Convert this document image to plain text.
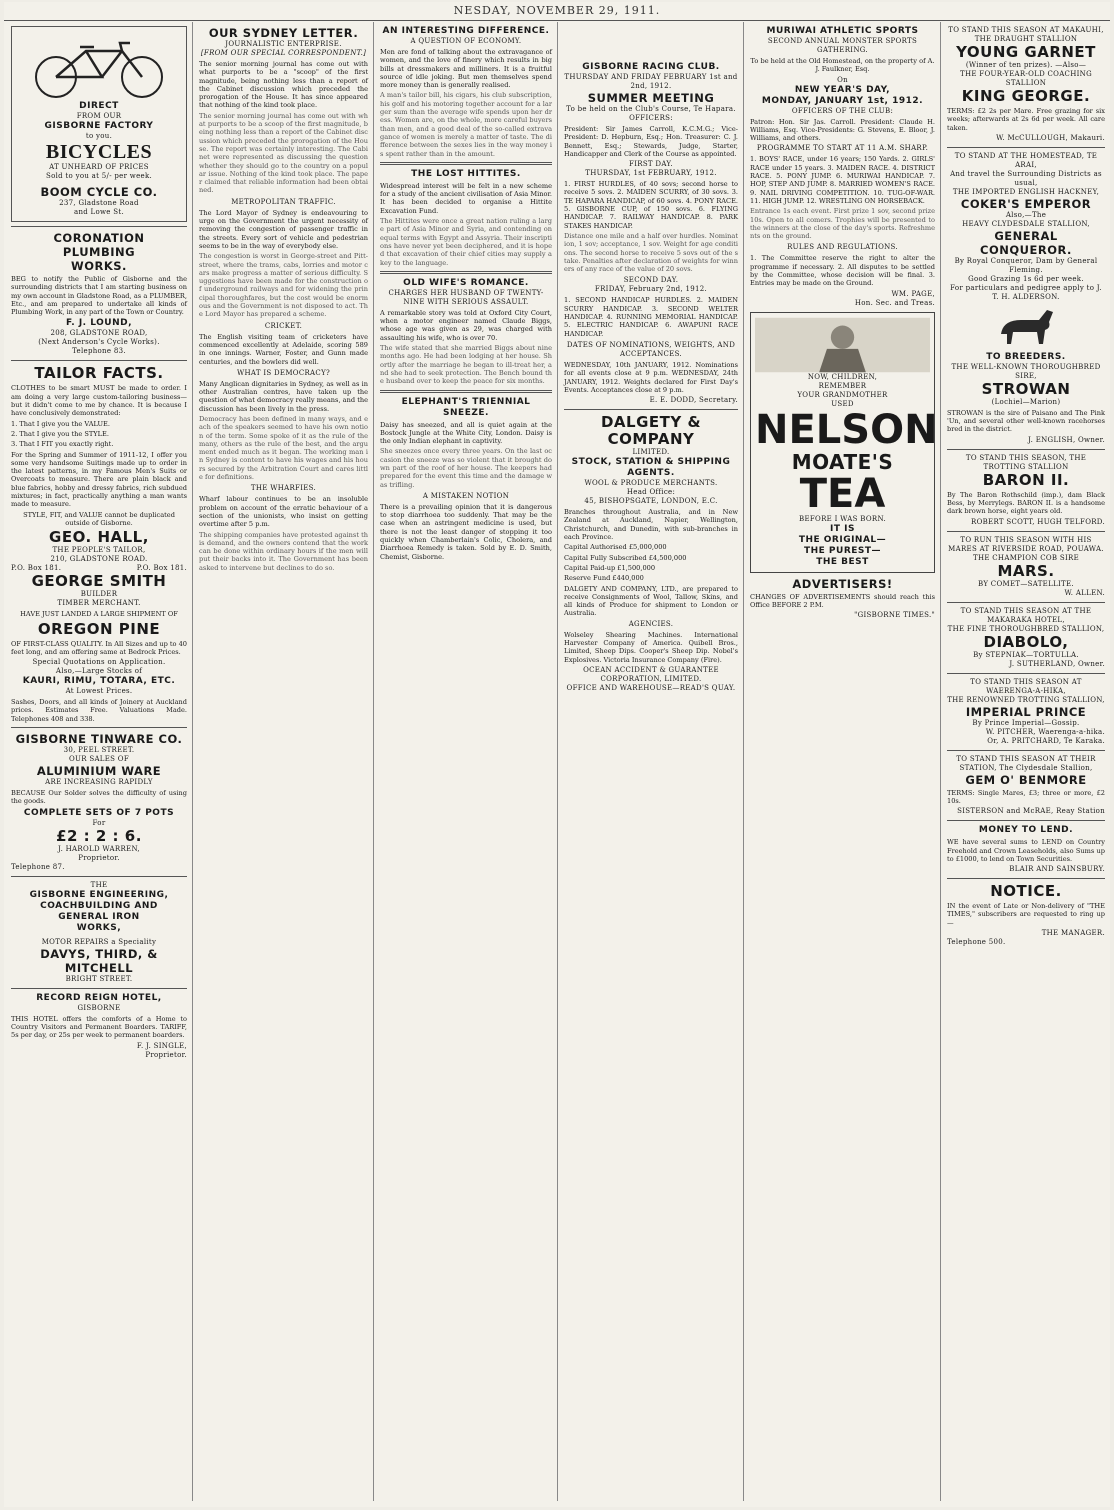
NESDAY, NOVEMBER 29, 1911.
DIRECT
FROM OUR
GISBORNE FACTORY
to you.
BICYCLES
AT UNHEARD OF PRICES
Sold to you at 5/- per week.
BOOM CYCLE CO.
237, Gladstone Road
and Lowe St.
CORONATION
PLUMBING
WORKS.
BEG to notify the Public of Gisborne and the surrounding districts that I am starting business on my own account in Gladstone Road, as a PLUMBER, Etc., and am prepared to undertake all kinds of Plumbing Work, in any part of the Town or Country.
F. J. LOUND,
208, GLADSTONE ROAD,
(Next Anderson's Cycle Works).
Telephone 83.
TAILOR FACTS.
CLOTHES to be smart MUST be made to order. I am doing a very large custom-tailoring business—but it didn't come to me by chance. It is because I have conclusively demonstrated:
1. That I give you the VALUE.
2. That I give you the STYLE.
3. That I FIT you exactly right.
For the Spring and Summer of 1911-12, I offer you some very handsome Suitings made up to order in the latest patterns, in my Famous Men's Suits or Overcoats to measure. There are plain black and blue fabrics, hobby and dressy fabrics, rich subdued mixtures; in fact, practically anything a man wants made to measure.
STYLE, FIT, and VALUE cannot be duplicated outside of Gisborne.
GEO. HALL,
THE PEOPLE'S TAILOR,
210, GLADSTONE ROAD.
P.O. Box 181.	P.O. Box 181.
GEORGE SMITH
BUILDER
TIMBER MERCHANT.
HAVE JUST LANDED A LARGE SHIPMENT OF
OREGON PINE
OF FIRST-CLASS QUALITY. In All Sizes and up to 40 feet long, and am offering same at Bedrock Prices.
Special Quotations on Application.
Also,—Large Stocks of
KAURI, RIMU, TOTARA, ETC.
At Lowest Prices.
Sashes, Doors, and all kinds of Joinery at Auckland prices. Estimates Free. Valuations Made. Telephones 408 and 338.
GISBORNE TINWARE CO.
30, PEEL STREET.
OUR SALES OF
ALUMINIUM WARE
ARE INCREASING RAPIDLY
BECAUSE Our Solder solves the difficulty of using the goods.
COMPLETE SETS OF 7 POTS
For
£2 : 2 : 6.
J. HAROLD WARREN,
Proprietor.
Telephone 87.
THE
GISBORNE ENGINEERING,
COACHBUILDING AND
GENERAL IRON
WORKS,
MOTOR REPAIRS a Speciality
DAVYS, THIRD, & MITCHELL
BRIGHT STREET.
RECORD REIGN HOTEL,
GISBORNE
THIS HOTEL offers the comforts of a Home to Country Visitors and Permanent Boarders. TARIFF, 5s per day, or 25s per week to permanent boarders.
F. J. SINGLE,
Proprietor.
OUR SYDNEY LETTER.
JOURNALISTIC ENTERPRISE.
[FROM OUR SPECIAL CORRESPONDENT.]
The senior morning journal has come out with what purports to be a "scoop" of the first magnitude, being nothing less than a report of the Cabinet discussion which preceded the prorogation of the House. It has since appeared that nothing of the kind took place.
The senior morning journal has come out with what purports to be a scoop of the first magnitude, being nothing less than a report of the Cabinet discussion which preceded the prorogation of the House. The report was certainly interesting. The Cabinet were represented as discussing the question whether they should go to the country on a popular issue. Nothing of the kind took place. The paper claimed that reliable information had been obtained.
METROPOLITAN TRAFFIC.
The Lord Mayor of Sydney is endeavouring to urge on the Government the urgent necessity of removing the congestion of passenger traffic in the streets. Every sort of vehicle and pedestrian seems to be in the way of everybody else.
The congestion is worst in George-street and Pitt-street, where the trams, cabs, lorries and motor cars make progress a matter of serious difficulty. Suggestions have been made for the construction of underground railways and for widening the principal thoroughfares, but the cost would be enormous and the Government is not disposed to act. The Lord Mayor has prepared a scheme.
CRICKET.
The English visiting team of cricketers have commenced excellently at Adelaide, scoring 589 in one innings. Warner, Foster, and Gunn made centuries, and the bowlers did well.
WHAT IS DEMOCRACY?
Many Anglican dignitaries in Sydney, as well as in other Australian centres, have taken up the question of what democracy really means, and the discussion has been lively in the press.
Democracy has been defined in many ways, and each of the speakers seemed to have his own notion of the term. Some spoke of it as the rule of the many, others as the rule of the best, and the argument ended much as it began. The working man in Sydney is content to have his wages and his hours secured by the Arbitration Court and cares little for definitions.
THE WHARFIES.
Wharf labour continues to be an insoluble problem on account of the erratic behaviour of a section of the unionists, who insist on getting overtime after 5 p.m.
The shipping companies have protested against this demand, and the owners contend that the work can be done within ordinary hours if the men will put their backs into it. The Government has been asked to intervene but declines to do so.
AN INTERESTING DIFFERENCE.
A QUESTION OF ECONOMY.
Men are fond of talking about the extravagance of women, and the love of finery which results in big bills at dressmakers and milliners. It is a fruitful source of idle joking. But men themselves spend more money than is generally realised.
A man's tailor bill, his cigars, his club subscription, his golf and his motoring together account for a larger sum than the average wife spends upon her dress. Women are, on the whole, more careful buyers than men, and a good deal of the so-called extravagance of women is merely a matter of taste. The difference between the sexes lies in the way money is spent rather than in the amount.
THE LOST HITTITES.
Widespread interest will be felt in a new scheme for a study of the ancient civilisation of Asia Minor. It has been decided to organise a Hittite Excavation Fund.
The Hittites were once a great nation ruling a large part of Asia Minor and Syria, and contending on equal terms with Egypt and Assyria. Their inscriptions have never yet been deciphered, and it is hoped that excavation of their chief cities may supply a key to the language.
OLD WIFE'S ROMANCE.
CHARGES HER HUSBAND OF TWENTY-NINE WITH SERIOUS ASSAULT.
A remarkable story was told at Oxford City Court, when a motor engineer named Claude Biggs, whose age was given as 29, was charged with assaulting his wife, who is over 70.
The wife stated that she married Biggs about nine months ago. He had been lodging at her house. Shortly after the marriage he began to ill-treat her, and she had to seek protection. The Bench bound the husband over to keep the peace for six months.
ELEPHANT'S TRIENNIAL SNEEZE.
Daisy has sneezed, and all is quiet again at the Bostock Jungle at the White City, London. Daisy is the only Indian elephant in captivity.
She sneezes once every three years. On the last occasion the sneeze was so violent that it brought down part of the roof of her house. The keepers had prepared for the event this time and the damage was trifling.
A MISTAKEN NOTION
There is a prevailing opinion that it is dangerous to stop diarrhoea too suddenly. That may be the case when an astringent medicine is used, but there is not the least danger of stopping it too quickly when Chamberlain's Colic, Cholera, and Diarrhoea Remedy is taken. Sold by E. D. Smith, Chemist, Gisborne.
GISBORNE RACING CLUB.
THURSDAY AND FRIDAY FEBRUARY 1st and 2nd, 1912.
SUMMER MEETING
To be held on the Club's Course, Te Hapara.
OFFICERS:
President: Sir James Carroll, K.C.M.G.; Vice-President: D. Hepburn, Esq.; Hon. Treasurer: C. J. Bennett, Esq.; Stewards, Judge, Starter, Handicapper and Clerk of the Course as appointed.
FIRST DAY.
THURSDAY, 1st FEBRUARY, 1912.
1. FIRST HURDLES, of 40 sovs; second horse to receive 5 sovs. 2. MAIDEN SCURRY, of 30 sovs. 3. TE HAPARA HANDICAP, of 60 sovs. 4. PONY RACE. 5. GISBORNE CUP, of 150 sovs. 6. FLYING HANDICAP. 7. RAILWAY HANDICAP. 8. PARK STAKES HANDICAP.
Distance one mile and a half over hurdles. Nomination, 1 sov; acceptance, 1 sov. Weight for age conditions. The second horse to receive 5 sovs out of the stake. Penalties after declaration of weights for winners of any race of the value of 20 sovs.
SECOND DAY.
FRIDAY, February 2nd, 1912.
1. SECOND HANDICAP HURDLES. 2. MAIDEN SCURRY HANDICAP. 3. SECOND WELTER HANDICAP. 4. RUNNING MEMORIAL HANDICAP. 5. ELECTRIC HANDICAP. 6. AWAPUNI RACE HANDICAP.
DATES OF NOMINATIONS, WEIGHTS, AND ACCEPTANCES.
WEDNESDAY, 10th JANUARY, 1912. Nominations for all events close at 9 p.m. WEDNESDAY, 24th JANUARY, 1912. Weights declared for First Day's Events. Acceptances close at 9 p.m.
E. E. DODD, Secretary.
DALGETY & COMPANY
LIMITED.
STOCK, STATION & SHIPPING AGENTS.
WOOL & PRODUCE MERCHANTS.
Head Office:
45, BISHOPSGATE, LONDON, E.C.
Branches throughout Australia, and in New Zealand at Auckland, Napier, Wellington, Christchurch, and Dunedin, with sub-branches in each Province.
Capital Authorised £5,000,000
Capital Fully Subscribed £4,500,000
Capital Paid-up £1,500,000
Reserve Fund £440,000
DALGETY AND COMPANY, LTD., are prepared to receive Consignments of Wool, Tallow, Skins, and all kinds of Produce for shipment to London or Australia.
AGENCIES.
Wolseley Shearing Machines. International Harvester Company of America. Quibell Bros., Limited, Sheep Dips. Cooper's Sheep Dip. Nobel's Explosives. Victoria Insurance Company (Fire).
OCEAN ACCIDENT & GUARANTEE CORPORATION, LIMITED.
OFFICE AND WAREHOUSE—READ'S QUAY.
MURIWAI ATHLETIC SPORTS
SECOND ANNUAL MONSTER SPORTS GATHERING.
To be held at the Old Homestead, on the property of A. J. Faulkner, Esq.
On
NEW YEAR'S DAY,
MONDAY, JANUARY 1st, 1912.
OFFICERS OF THE CLUB:
Patron: Hon. Sir Jas. Carroll. President: Claude H. Williams, Esq. Vice-Presidents: G. Stevens, E. Bloor, J. Williams, and others.
PROGRAMME TO START AT 11 A.M. SHARP.
1. BOYS' RACE, under 16 years; 150 Yards. 2. GIRLS' RACE under 15 years. 3. MAIDEN RACE. 4. DISTRICT RACE. 5. PONY JUMP. 6. MURIWAI HANDICAP. 7. HOP, STEP AND JUMP. 8. MARRIED WOMEN'S RACE. 9. NAIL DRIVING COMPETITION. 10. TUG-OF-WAR. 11. HIGH JUMP. 12. WRESTLING ON HORSEBACK.
Entrance 1s each event. First prize 1 sov, second prize 10s. Open to all comers. Trophies will be presented to the winners at the close of the day's sports. Refreshments on the ground.
RULES AND REGULATIONS.
1. The Committee reserve the right to alter the programme if necessary. 2. All disputes to be settled by the Committee, whose decision will be final. 3. Entries may be made on the Ground.
WM. PAGE,
Hon. Sec. and Treas.
NOW, CHILDREN,
REMEMBER
YOUR GRANDMOTHER
USED
NELSON
MOATE'S
TEA
BEFORE I WAS BORN.
IT IS
THE ORIGINAL—
THE PUREST—
THE BEST
ADVERTISERS!
CHANGES OF ADVERTISEMENTS should reach this Office BEFORE 2 P.M.
"GISBORNE TIMES."
TO STAND THIS SEASON AT MAKAUHI, THE DRAUGHT STALLION
YOUNG GARNET
(Winner of ten prizes). —Also—
THE FOUR-YEAR-OLD COACHING STALLION
KING GEORGE.
TERMS: £2 2s per Mare. Free grazing for six weeks; afterwards at 2s 6d per week. All care taken.
W. McCULLOUGH, Makauri.
TO STAND AT THE HOMESTEAD, TE ARAI,
And travel the Surrounding Districts as usual,
THE IMPORTED ENGLISH HACKNEY,
COKER'S EMPEROR
Also,—The
HEAVY CLYDESDALE STALLION,
GENERAL CONQUEROR.
By Royal Conqueror, Dam by General Fleming.
Good Grazing 1s 6d per week.
For particulars and pedigree apply to J. T. H. ALDERSON.
TO BREEDERS.
THE WELL-KNOWN THOROUGHBRED SIRE,
STROWAN
(Lochiel—Marion)
STROWAN is the sire of Paisano and The Pink 'Un, and several other well-known racehorses bred in the district.
J. ENGLISH, Owner.
TO STAND THIS SEASON, THE TROTTING STALLION
BARON II.
By The Baron Rothschild (imp.), dam Black Bess, by Merrylegs. BARON II. is a handsome dark brown horse, eight years old.
ROBERT SCOTT, HUGH TELFORD.
TO RUN THIS SEASON WITH HIS MARES AT RIVERSIDE ROAD, POUAWA.
THE CHAMPION COB SIRE
MARS.
BY COMET—SATELLITE.
W. ALLEN.
TO STAND THIS SEASON AT THE MAKARAKA HOTEL,
THE FINE THOROUGHBRED STALLION,
DIABOLO,
By STEPNIAK—TORTULLA.
J. SUTHERLAND, Owner.
TO STAND THIS SEASON AT WAERENGA-A-HIKA,
THE RENOWNED TROTTING STALLION,
IMPERIAL PRINCE
By Prince Imperial—Gossip.
W. PITCHER, Waerenga-a-hika.
Or, A. PRITCHARD, Te Karaka.
TO STAND THIS SEASON AT THEIR STATION, The Clydesdale Stallion,
GEM O' BENMORE
TERMS: Single Mares, £3; three or more, £2 10s.
SISTERSON and McRAE, Reay Station
MONEY TO LEND.
WE have several sums to LEND on Country Freehold and Crown Leaseholds, also Sums up to £1000, to lend on Town Securities.
BLAIR AND SAINSBURY.
NOTICE.
IN the event of Late or Non-delivery of "THE TIMES," subscribers are requested to ring up—
THE MANAGER.
Telephone 500.
